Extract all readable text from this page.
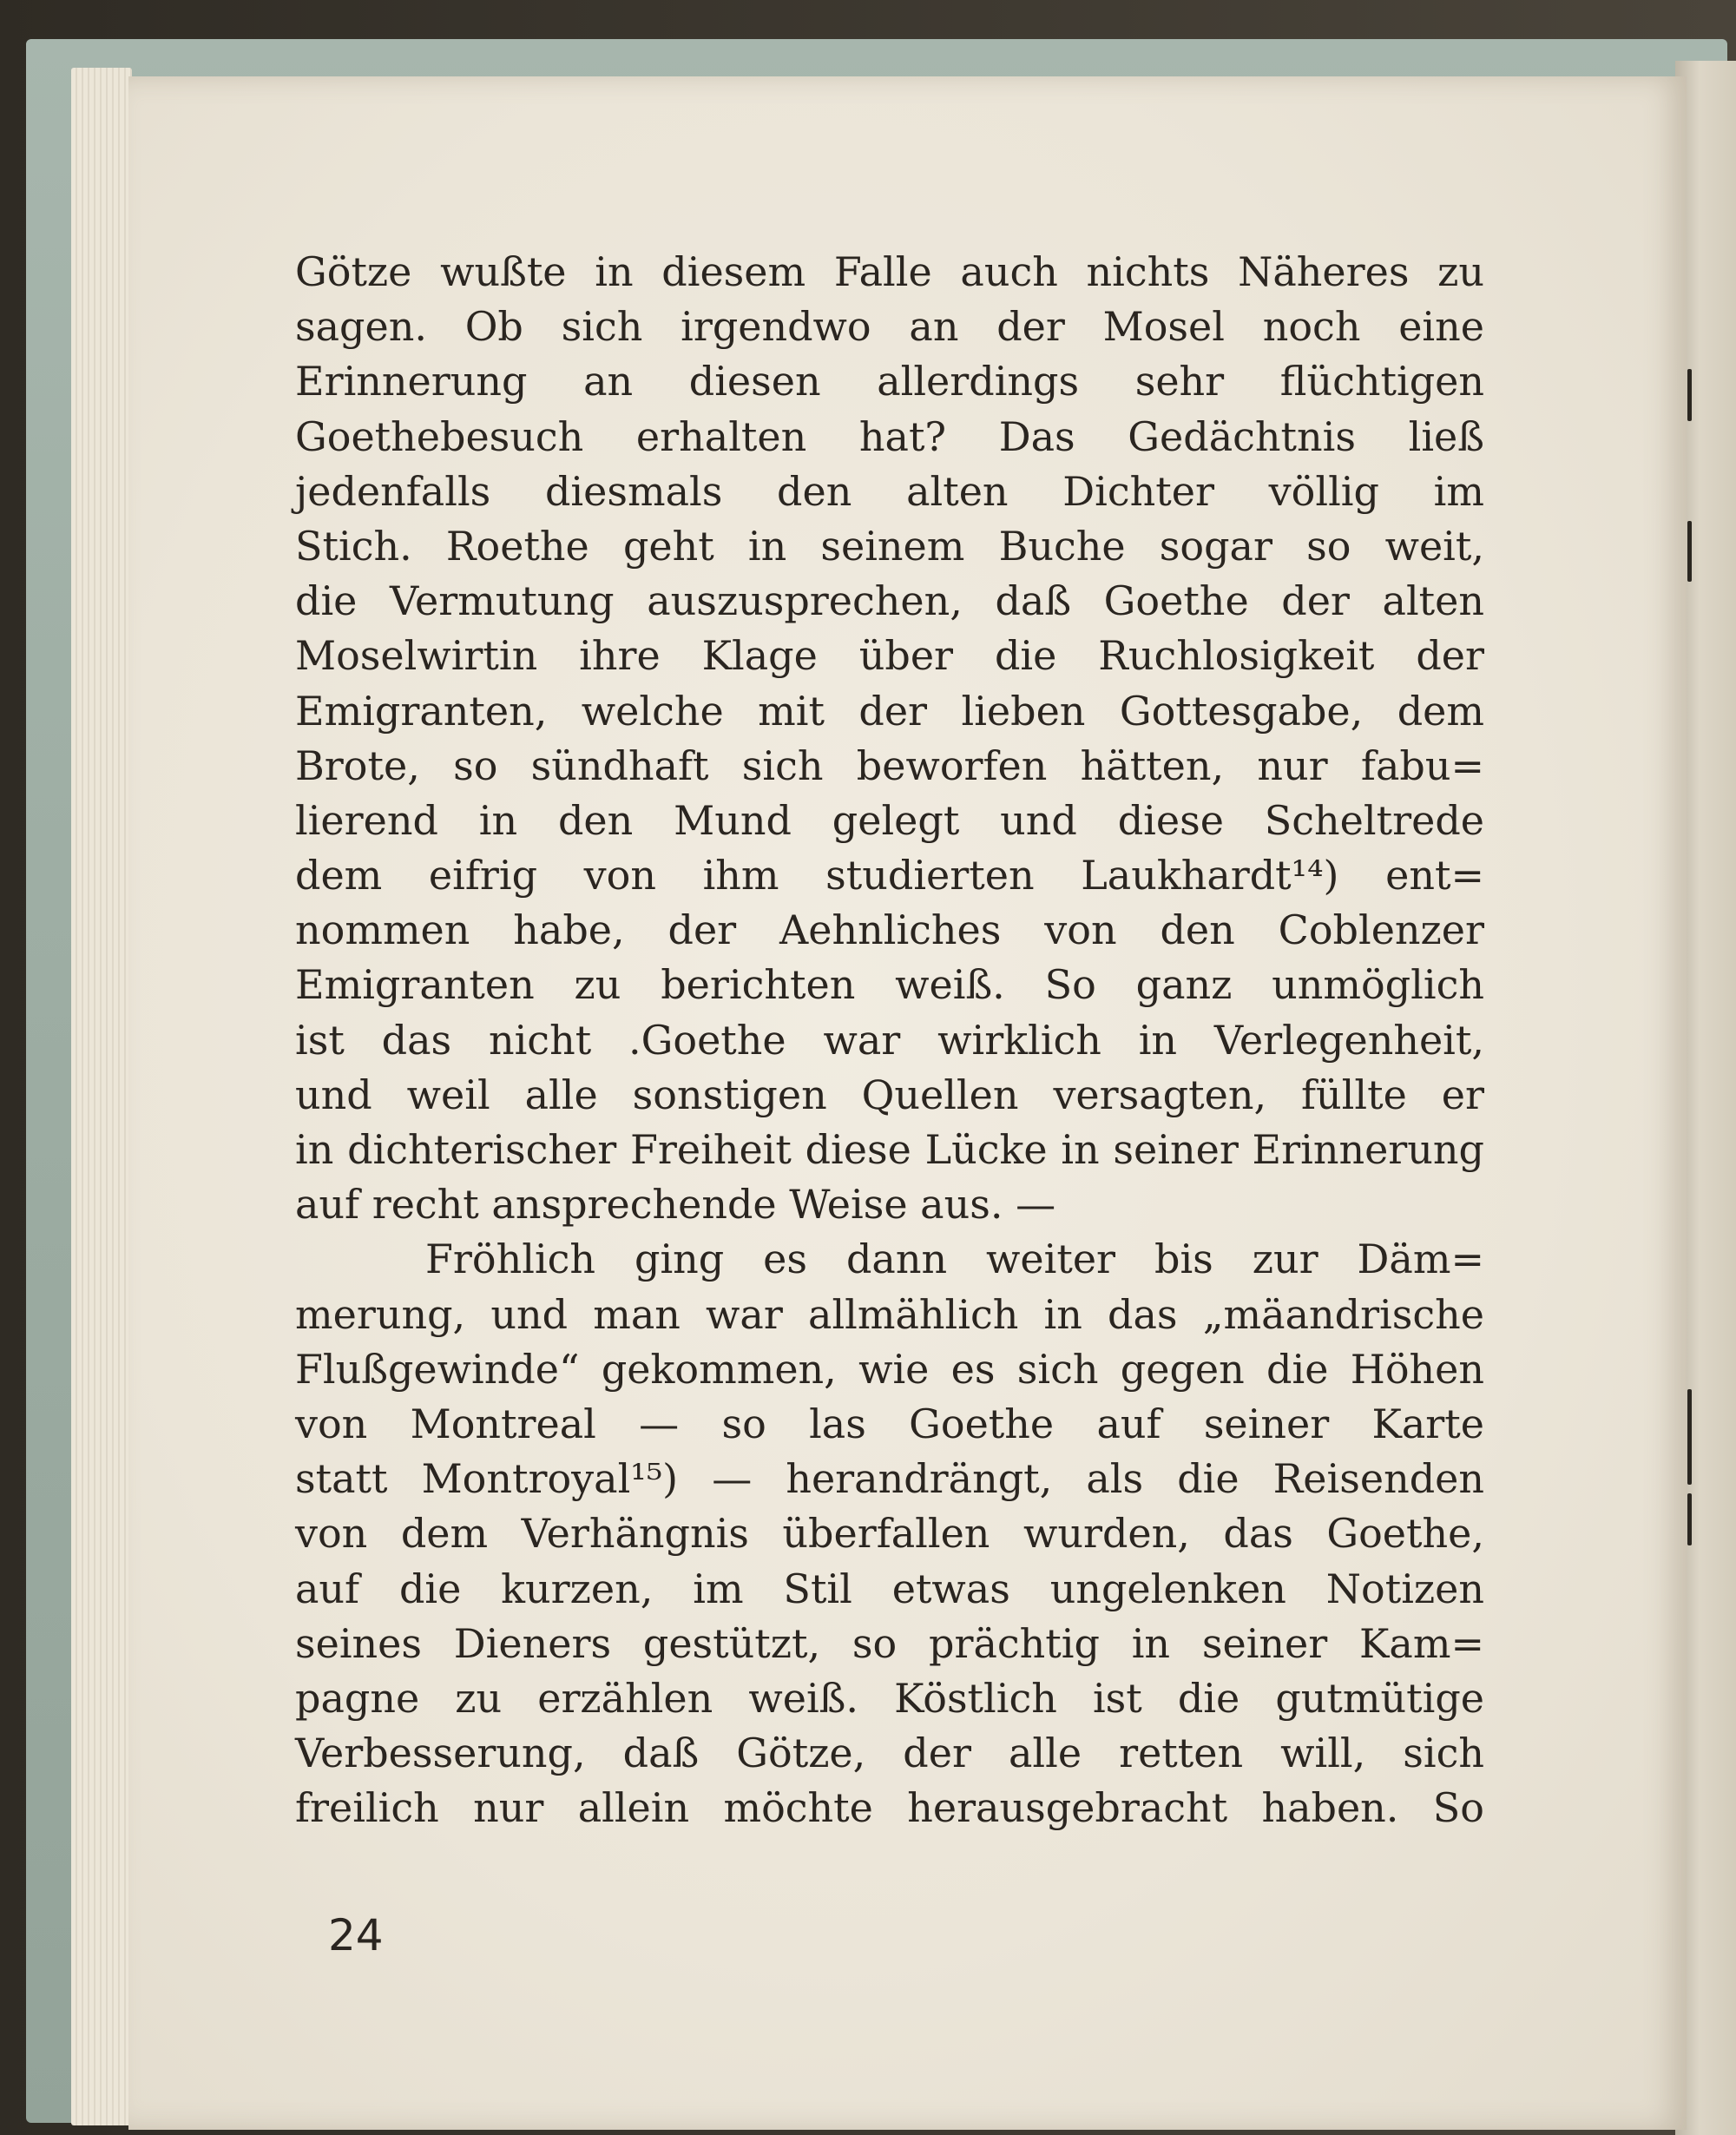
Götze wußte in diesem Falle auch nichts Näheres zu
sagen. Ob sich irgendwo an der Mosel noch eine
Erinnerung an diesen allerdings sehr flüchtigen
Goethebesuch erhalten hat? Das Gedächtnis ließ
jedenfalls diesmals den alten Dichter völlig im
Stich. Roethe geht in seinem Buche sogar so weit,
die Vermutung auszusprechen, daß Goethe der alten
Moselwirtin ihre Klage über die Ruchlosigkeit der
Emigranten, welche mit der lieben Gottesgabe, dem
Brote, so sündhaft sich beworfen hätten, nur fabu=
lierend in den Mund gelegt und diese Scheltrede
dem eifrig von ihm studierten Laukhardt¹⁴) ent=
nommen habe, der Aehnliches von den Coblenzer
Emigranten zu berichten weiß. So ganz unmöglich
ist das nicht .Goethe war wirklich in Verlegenheit,
und weil alle sonstigen Quellen versagten, füllte er
in dichterischer Freiheit diese Lücke in seiner Erinnerung
auf recht ansprechende Weise aus. —
Fröhlich ging es dann weiter bis zur Däm=
merung, und man war allmählich in das „mäandrische
Flußgewinde“ gekommen, wie es sich gegen die Höhen
von Montreal — so las Goethe auf seiner Karte
statt Montroyal¹⁵) — herandrängt, als die Reisenden
von dem Verhängnis überfallen wurden, das Goethe,
auf die kurzen, im Stil etwas ungelenken Notizen
seines Dieners gestützt, so prächtig in seiner Kam=
pagne zu erzählen weiß. Köstlich ist die gutmütige
Verbesserung, daß Götze, der alle retten will, sich
freilich nur allein möchte herausgebracht haben. So
24
